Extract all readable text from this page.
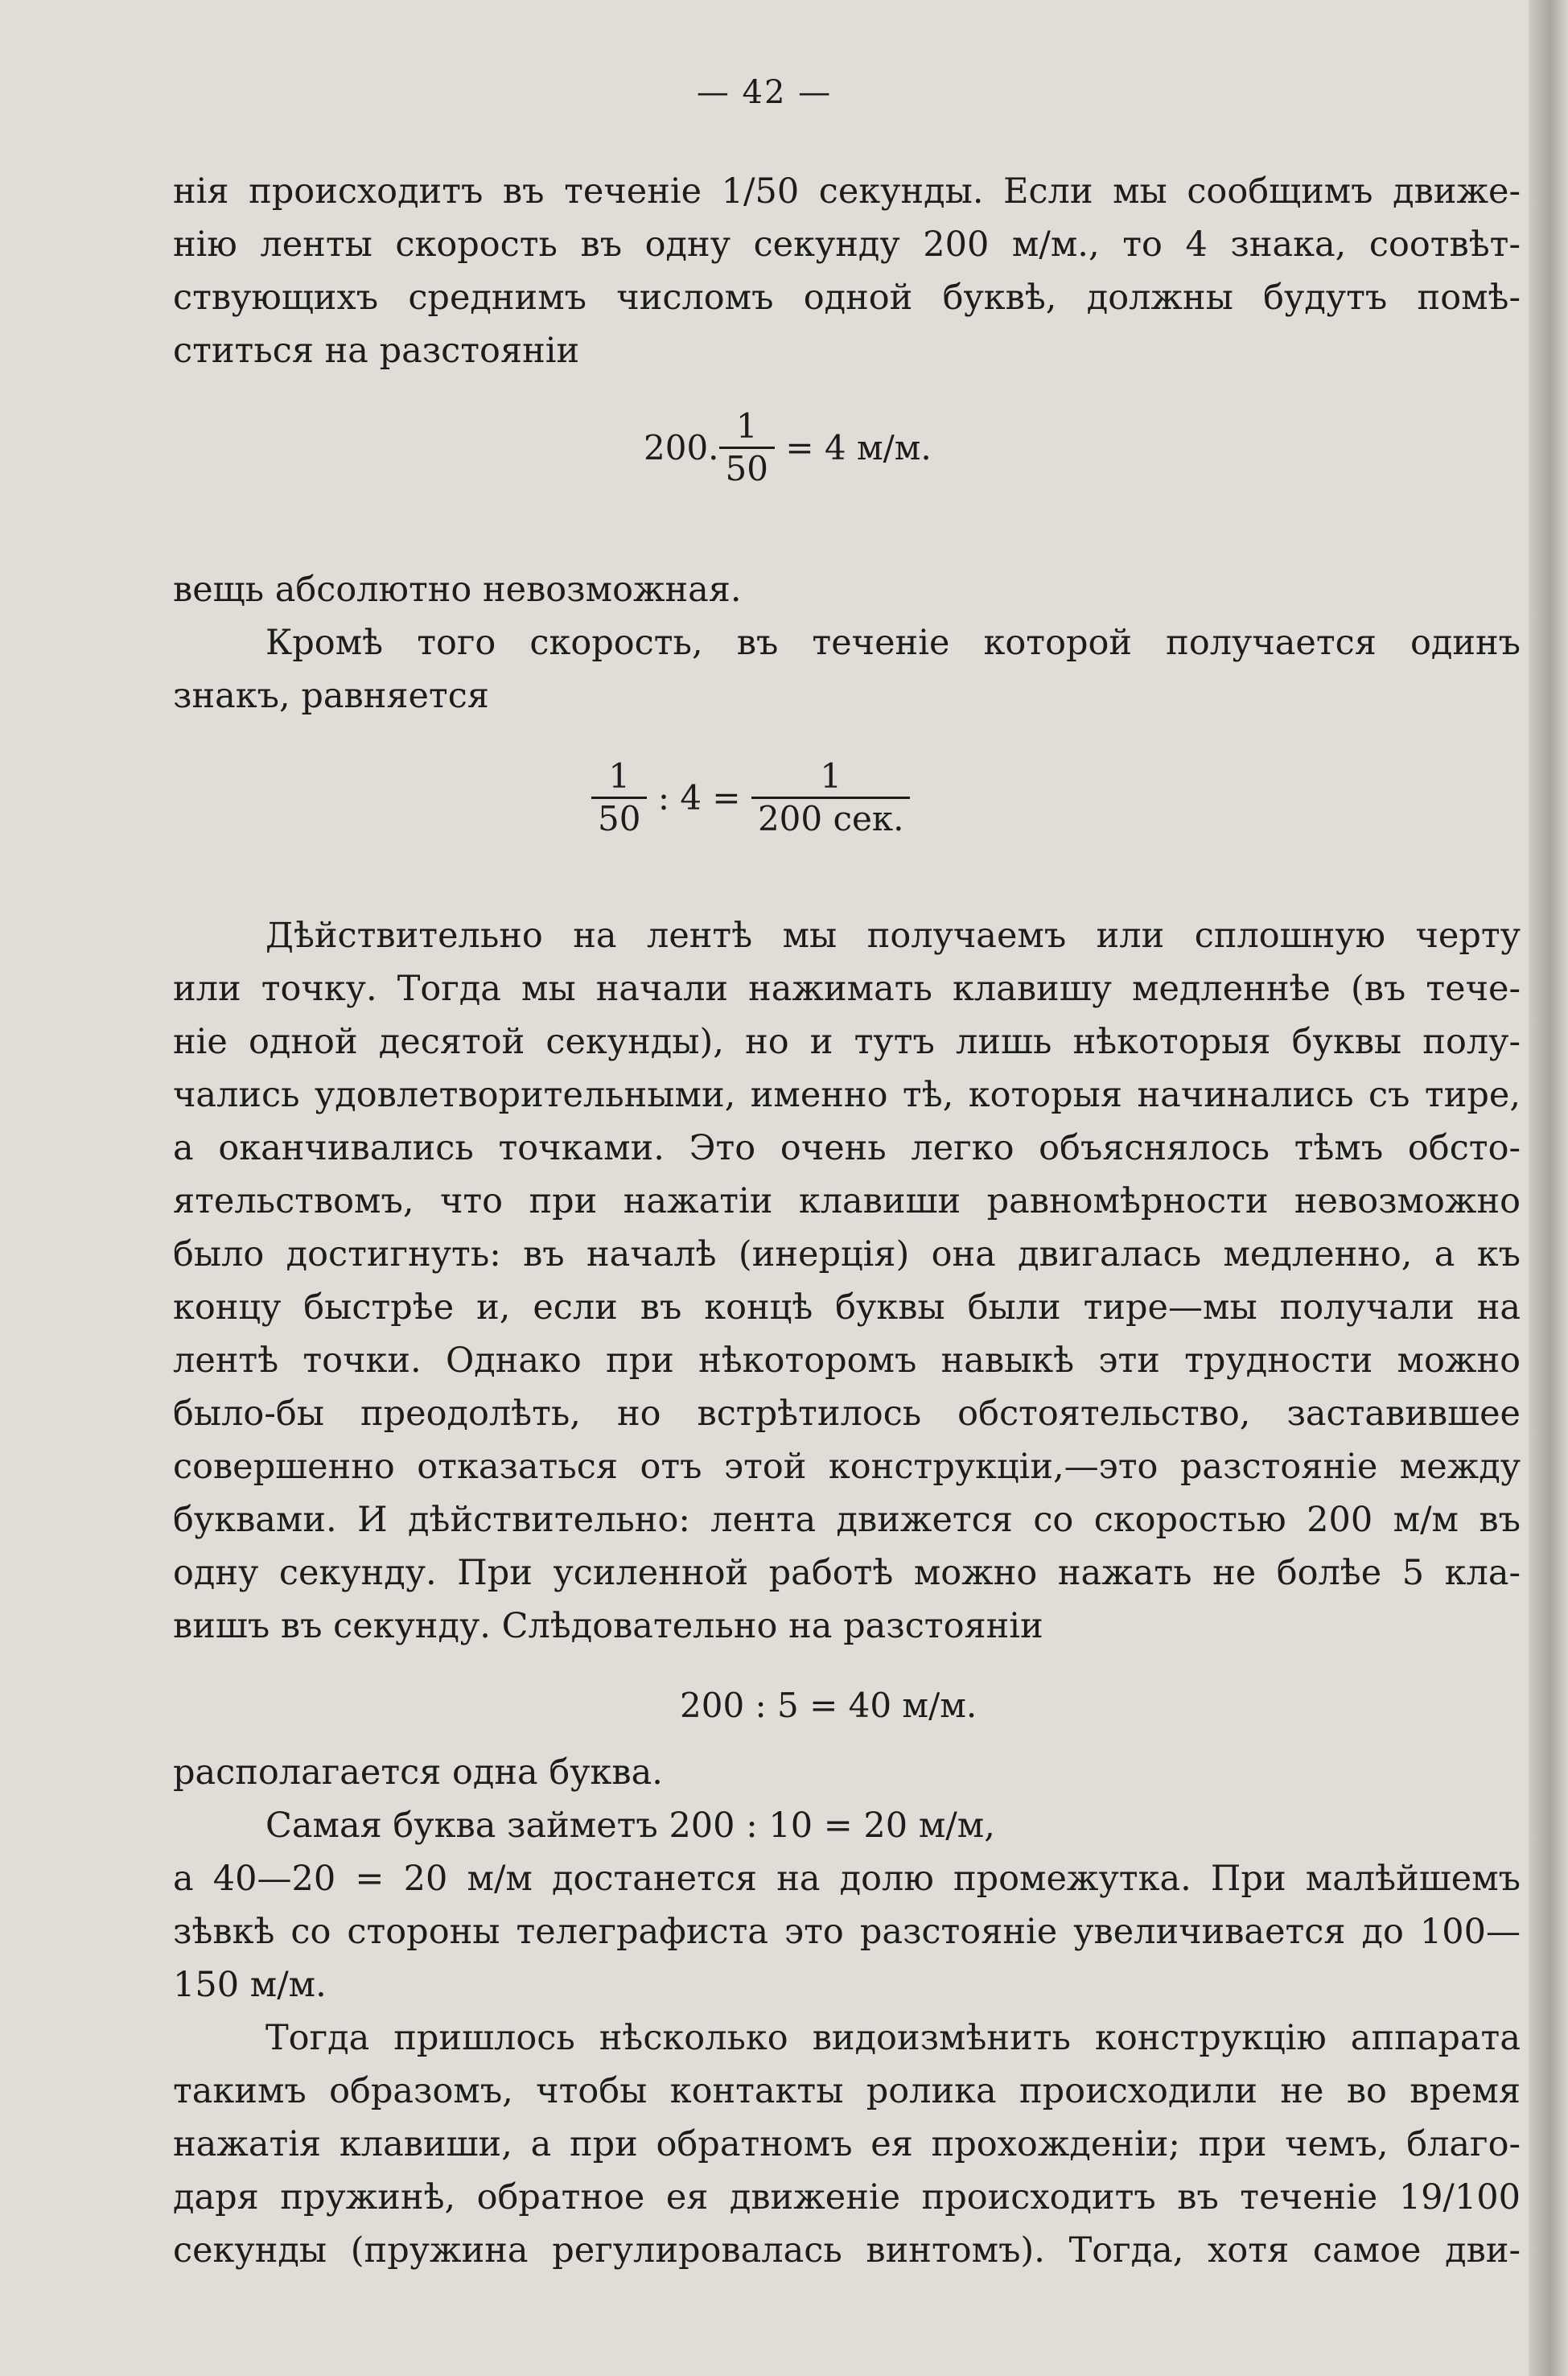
— 42 —
нія происходитъ въ теченіе 1/50 секунды. Если мы сообщимъ движе-
нію ленты скорость въ одну секунду 200 м/м., то 4 знака, соотвѣт-
ствующихъ среднимъ числомъ одной буквѣ, должны будутъ помѣ-
ститься на разстояніи
200. $\frac{1}{50} = 4$ м/м.
вещь абсолютно невозможная.
Кромѣ того скорость, въ теченіе которой получается одинъ
знакъ, равняется
$\frac{1}{50}$ : $4 = \frac{1}{\text{200 сек.}}$
Дѣйствительно на лентѣ мы получаемъ или сплошную черту
или точку. Тогда мы начали нажимать клавишу медленнѣе (въ тече-
ніе одной десятой секунды), но и тутъ лишь нѣкоторыя буквы полу-
чались удовлетворительными, именно тѣ, которыя начинались съ тире,
а оканчивались точками. Это очень легко объяснялось тѣмъ обсто-
ятельствомъ, что при нажатіи клавиши равномѣрности невозможно
было достигнуть: въ началѣ (инерція) она двигалась медленно, а къ
концу быстрѣе и, если въ концѣ буквы были тире—мы получали на
лентѣ точки. Однако при нѣкоторомъ навыкѣ эти трудности можно
было-бы преодолѣть, но встрѣтилось обстоятельство, заставившее
совершенно отказаться отъ этой конструкціи,—это разстояніе между
буквами. И дѣйствительно: лента движется со скоростью 200 м/м въ
одну секунду. При усиленной работѣ можно нажать не болѣе 5 кла-
вишъ въ секунду. Слѣдовательно на разстояніи
200 : 5 = 40 м/м.
располагается одна буква.
Самая буква займетъ 200 : 10 = 20 м/м,
а 40—20 = 20 м/м достанется на долю промежутка. При малѣйшемъ
зѣвкѣ со стороны телеграфиста это разстояніе увеличивается до 100—
150 м/м.
Тогда пришлось нѣсколько видоизмѣнить конструкцію аппарата
такимъ образомъ, чтобы контакты ролика происходили не во время
нажатія клавиши, а при обратномъ ея прохожденіи; при чемъ, благо-
даря пружинѣ, обратное ея движеніе происходитъ въ теченіе 19/100
секунды (пружина регулировалась винтомъ). Тогда, хотя самое дви-
